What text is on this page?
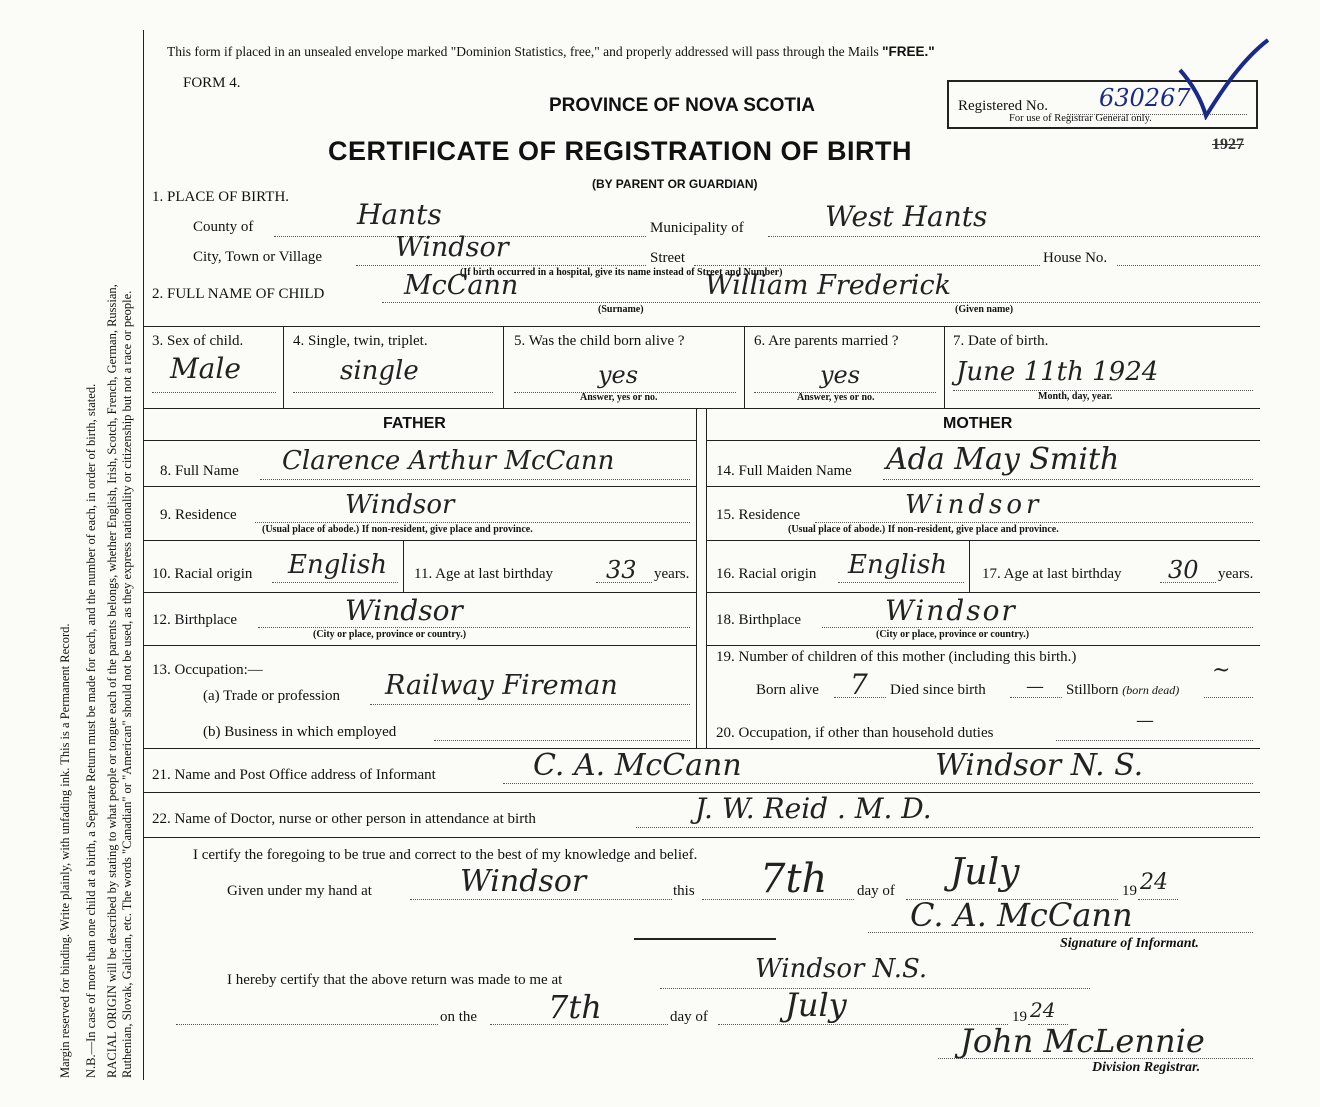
Margin reserved for binding. Write plainly, with unfading ink. This is a Permanent Record. N.B.—In case of more than one child at a birth, a Separate Return must be made for each, and the number of each, in order of birth, stated. RACIAL ORIGIN will be described by stating to what people or tongue each of the parents belongs, whether English, Irish, Scotch, French, German, Russian, Ruthenian, Slovak, Galician, etc. The words "Canadian" or "American" should not be used, as they express nationality or citizenship but not a race or people.
This form if placed in an unsealed envelope marked "Dominion Statistics, free," and properly addressed will pass through the Mails "FREE."
FORM 4.
PROVINCE OF NOVA SCOTIA
CERTIFICATE OF REGISTRATION OF BIRTH
(BY PARENT OR GUARDIAN)
Registered No. 630267
For use of Registrar General only.
1927
1. PLACE OF BIRTH.
County of	Hants	Municipality of	West Hants
City, Town or Village	Windsor	Street	House No.
(If birth occurred in a hospital, give its name instead of Street and Number)
2. FULL NAME OF CHILD	McCann	William Frederick
(Surname)	(Given name)
3. Sex of child.
Male
4. Single, twin, triplet.
single
5. Was the child born alive ?
yes
Answer, yes or no.
6. Are parents married ?
yes
Answer, yes or no.
7. Date of birth.
June 11th 1924
Month, day, year.
FATHER	MOTHER
8. Full Name Clarence Arthur McCann
9. Residence	Windsor
(Usual place of abode.) If non-resident, give place and province.
10. Racial origin English 11. Age at last birthday 33 years.
12. Birthplace	Windsor
(City or place, province or country.)
13. Occupation:—
(a) Trade or profession Railway Fireman
(b) Business in which employed
14. Full Maiden Name Ada May Smith
15. Residence	Windsor
(Usual place of abode.) If non-resident, give place and province.
16. Racial origin English 17. Age at last birthday 30 years.
18. Birthplace	Windsor
(City or place, province or country.)
19. Number of children of this mother (including this birth.)
Born alive 7 Died since birth — Stillborn (born dead)
~
20. Occupation, if other than household duties
—
21. Name and Post Office address of Informant	C. A. McCann	Windsor N. S.
22. Name of Doctor, nurse or other person in attendance at birth	J. W. Reid . M. D.
I certify the foregoing to be true and correct to the best of my knowledge and belief.
Given under my hand at	Windsor	this 7th day of July	19 24
C. A. McCann
Signature of Informant.
I hereby certify that the above return was made to me at	Windsor N.S.
on the 7th	day of July	19 24
John McLennie
Division Registrar.
